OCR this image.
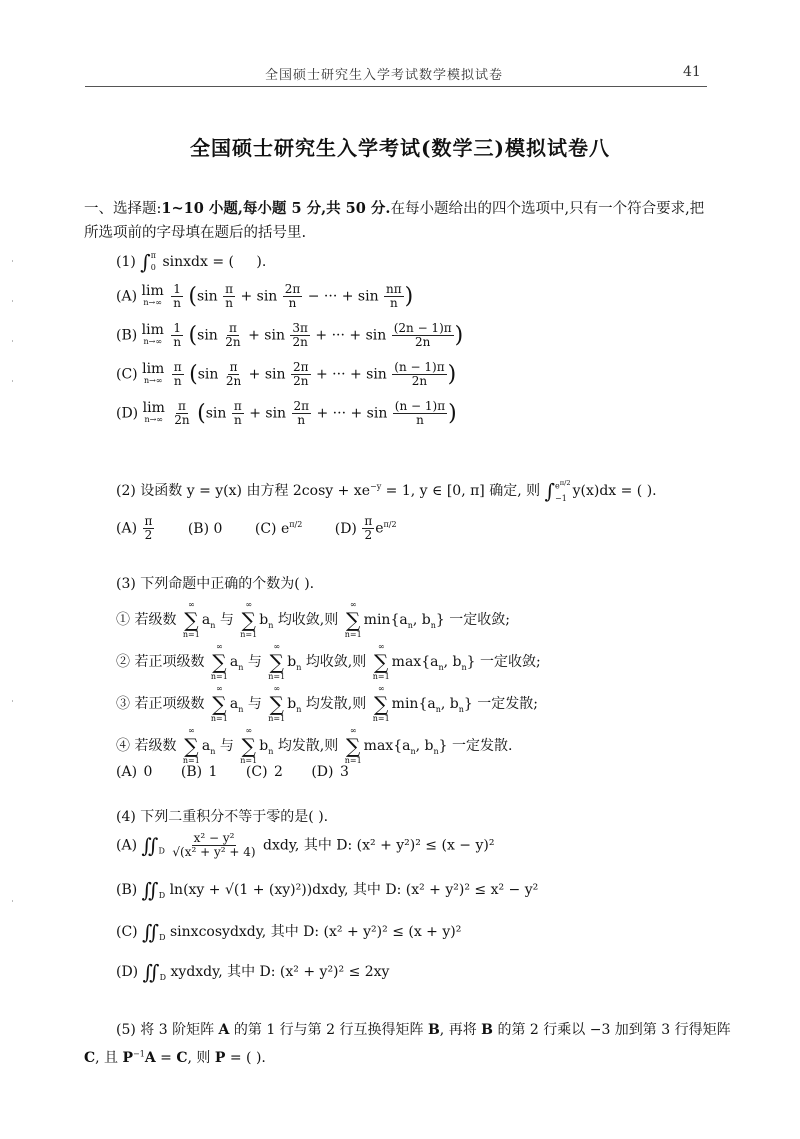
全国硕士研究生入学考试数学模拟试卷	41
全国硕士研究生入学考试(数学三)模拟试卷八
一、选择题:1~10 小题,每小题 5 分,共 50 分.在每小题给出的四个选项中,只有一个符合要求,把所选项前的字母填在题后的括号里.
(1) ∫ π
0 sinxdx = ( ).
(A) lim
n→∞
$\frac{1}{n} (\sin \frac{\pi}{n} + \sin \frac{2\pi}{n}$ − ··· + $\sin \frac{n\pi}{n}$ )
(B) lim
n→∞
$\frac{1}{n} (\sin \frac{\pi}{2n} + \sin \frac{3\pi}{2n}$ + ··· + $\sin \frac{(2n - 1)\pi}{2n}$ )
(C) lim
n→∞
$\frac{\pi}{n} (\sin \frac{\pi}{2n} + \sin \frac{2\pi}{2n}$ + ··· + $\sin \frac{(n - 1)\pi}{2n}$ )
(D) lim
n→∞
$\frac{\pi}{2n} (\sin \frac{\pi}{n} + \sin \frac{2\pi}{n}$ + ··· + $\sin \frac{(n - 1)\pi}{n}$ )
(2) 设函数 y = y(x) 由方程 $2\cos y + xe^{-y} = 1$, y ∈ [0, π] 确定, 则 ∫ $e^{\pi/2}$
−1 y(x)dx = ( ).
$(A) \frac{\pi}{2} (B)$ 0 (C) $e^{\pi/2}$ $(D) \frac{\pi}{2} e^{\pi/2}$
(3) 下列命题中正确的个数为( ).
① 若级数
∞
∑
n=1
$a_n$ 与
∞
∑
n=1
$b_n$ 均收敛,则
∞
∑
n=1
$\min\{a_n$, $b_n$} 一定收敛;
② 若正项级数
∞
∑
n=1
$a_n$ 与
∞
∑
n=1
$b_n$ 均收敛,则
∞
∑
n=1
$\max\{a_n$, $b_n$} 一定收敛;
③ 若正项级数
∞
∑
n=1
$a_n$ 与
∞
∑
n=1
$b_n$ 均发散,则
∞
∑
n=1
$\min\{a_n$, $b_n$} 一定发散;
④ 若级数
∞
∑
n=1
$a_n$ 与
∞
∑
n=1
$b_n$ 均发散,则
∞
∑
n=1
$\max\{a_n$, $b_n$} 一定发散.
(A) 0 (B) 1 (C) 2 (D) 3
(4) 下列二重积分不等于零的是( ).
(A) $∬_D \frac{\text{x² − y²}}{\text{√(x² + y² + 4)}}$ dxdy, 其中 D: (x² + y²)² ≤ (x − y)²
(B) $∬_D$ ln(xy + √(1 + (xy)²))dxdy, 其中 D: (x² + y²)² ≤ x² − y²
(C) $∬_D$ sinxcosydxdy, 其中 D: (x² + y²)² ≤ (x + y)²
(D) $∬_D$ xydxdy, 其中 D: (x² + y²)² ≤ 2xy
(5) 将 3 阶矩阵 A 的第 1 行与第 2 行互换得矩阵 B, 再将 B 的第 2 行乘以 −3 加到第 3 行得矩阵
C, 且 $P^{-1}A = C$, 则 P = ( ).
